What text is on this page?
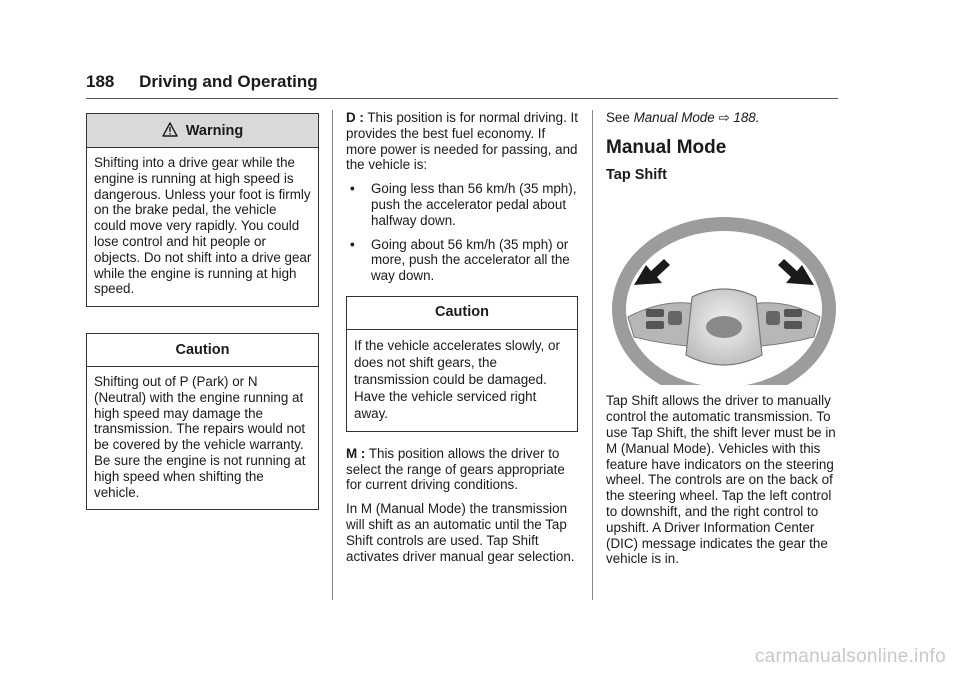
188 Driving and Operating
Warning
Shifting into a drive gear while the engine is running at high speed is dangerous. Unless your foot is firmly on the brake pedal, the vehicle could move very rapidly. You could lose control and hit people or objects. Do not shift into a drive gear while the engine is running at high speed.
Caution
Shifting out of P (Park) or N (Neutral) with the engine running at high speed may damage the transmission. The repairs would not be covered by the vehicle warranty. Be sure the engine is not running at high speed when shifting the vehicle.

D : This position is for normal driving. It provides the best fuel economy. If more power is needed for passing, and the vehicle is:

• Going less than 56 km/h (35 mph), push the accelerator pedal about halfway down.
• Going about 56 km/h (35 mph) or more, push the accelerator all the way down.
Caution
If the vehicle accelerates slowly, or does not shift gears, the transmission could be damaged. Have the vehicle serviced right away.

M : This position allows the driver to select the range of gears appropriate for current driving conditions.

In M (Manual Mode) the transmission will shift as an automatic until the Tap Shift controls are used. Tap Shift activates driver manual gear selection.

See Manual Mode ⇨ 188.

Manual Mode
Tap Shift

Tap Shift allows the driver to manually control the automatic transmission. To use Tap Shift, the shift lever must be in M (Manual Mode). Vehicles with this feature have indicators on the steering wheel. The controls are on the back of the steering wheel. Tap the left control to downshift, and the right control to upshift. A Driver Information Center (DIC) message indicates the gear the vehicle is in.

carmanualsonline.info
